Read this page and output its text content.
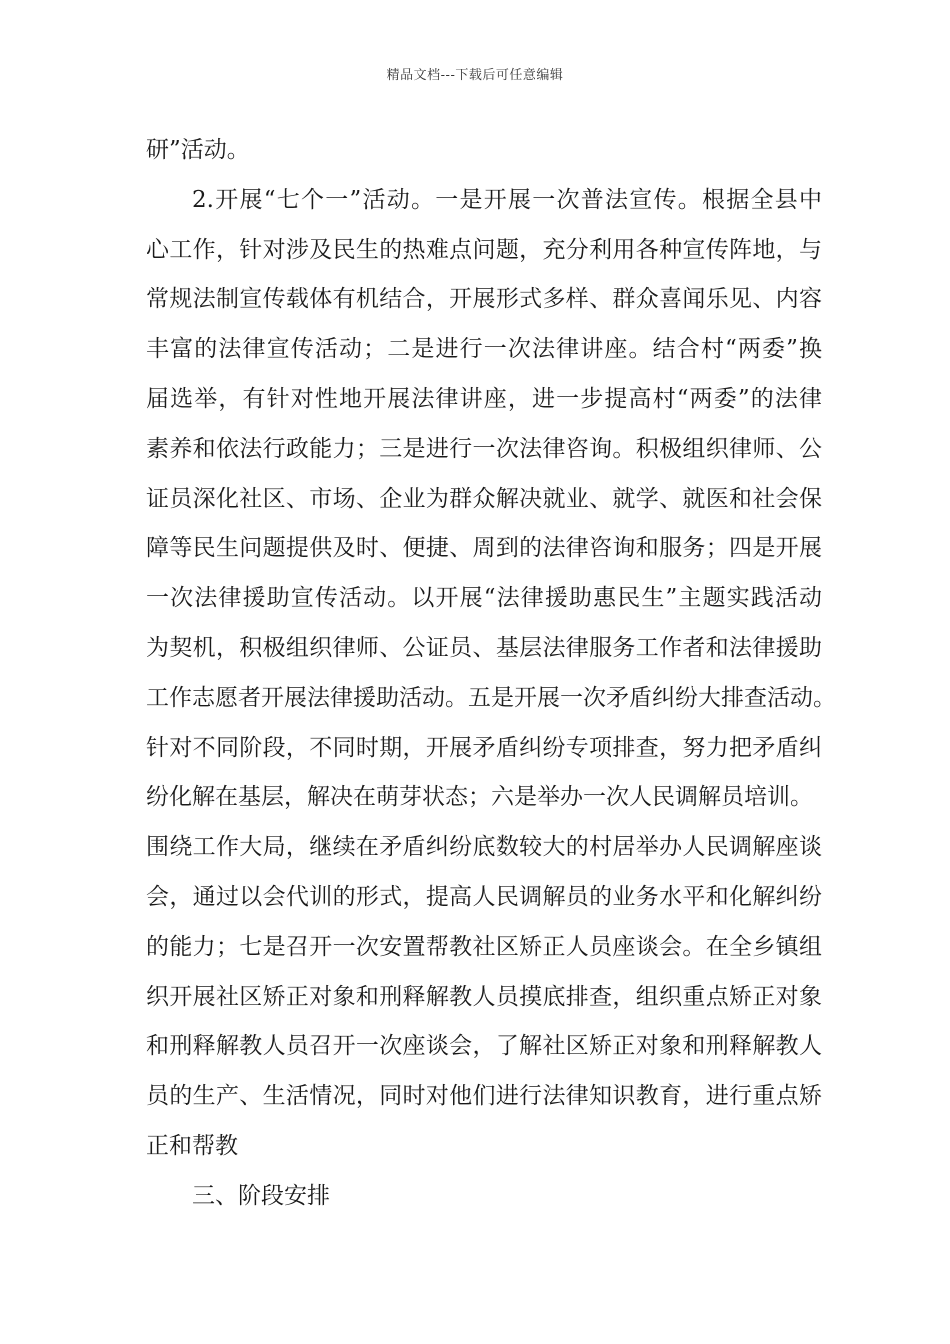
精品文档---下载后可任意编辑
研”活动。
2.开展“七个一”活动。一是开展一次普法宣传。根据全县中
心工作，针对涉及民生的热难点问题，充分利用各种宣传阵地，与
常规法制宣传载体有机结合，开展形式多样、群众喜闻乐见、内容
丰富的法律宣传活动；二是进行一次法律讲座。结合村“两委”换
届选举，有针对性地开展法律讲座，进一步提高村“两委”的法律
素养和依法行政能力；三是进行一次法律咨询。积极组织律师、公
证员深化社区、市场、企业为群众解决就业、就学、就医和社会保
障等民生问题提供及时、便捷、周到的法律咨询和服务；四是开展
一次法律援助宣传活动。以开展“法律援助惠民生”主题实践活动
为契机，积极组织律师、公证员、基层法律服务工作者和法律援助
工作志愿者开展法律援助活动。五是开展一次矛盾纠纷大排查活动。
针对不同阶段，不同时期，开展矛盾纠纷专项排查，努力把矛盾纠
纷化解在基层，解决在萌芽状态；六是举办一次人民调解员培训。
围绕工作大局，继续在矛盾纠纷底数较大的村居举办人民调解座谈
会，通过以会代训的形式，提高人民调解员的业务水平和化解纠纷
的能力；七是召开一次安置帮教社区矫正人员座谈会。在全乡镇组
织开展社区矫正对象和刑释解教人员摸底排查，组织重点矫正对象
和刑释解教人员召开一次座谈会，了解社区矫正对象和刑释解教人
员的生产、生活情况，同时对他们进行法律知识教育，进行重点矫
正和帮教
三、阶段安排
